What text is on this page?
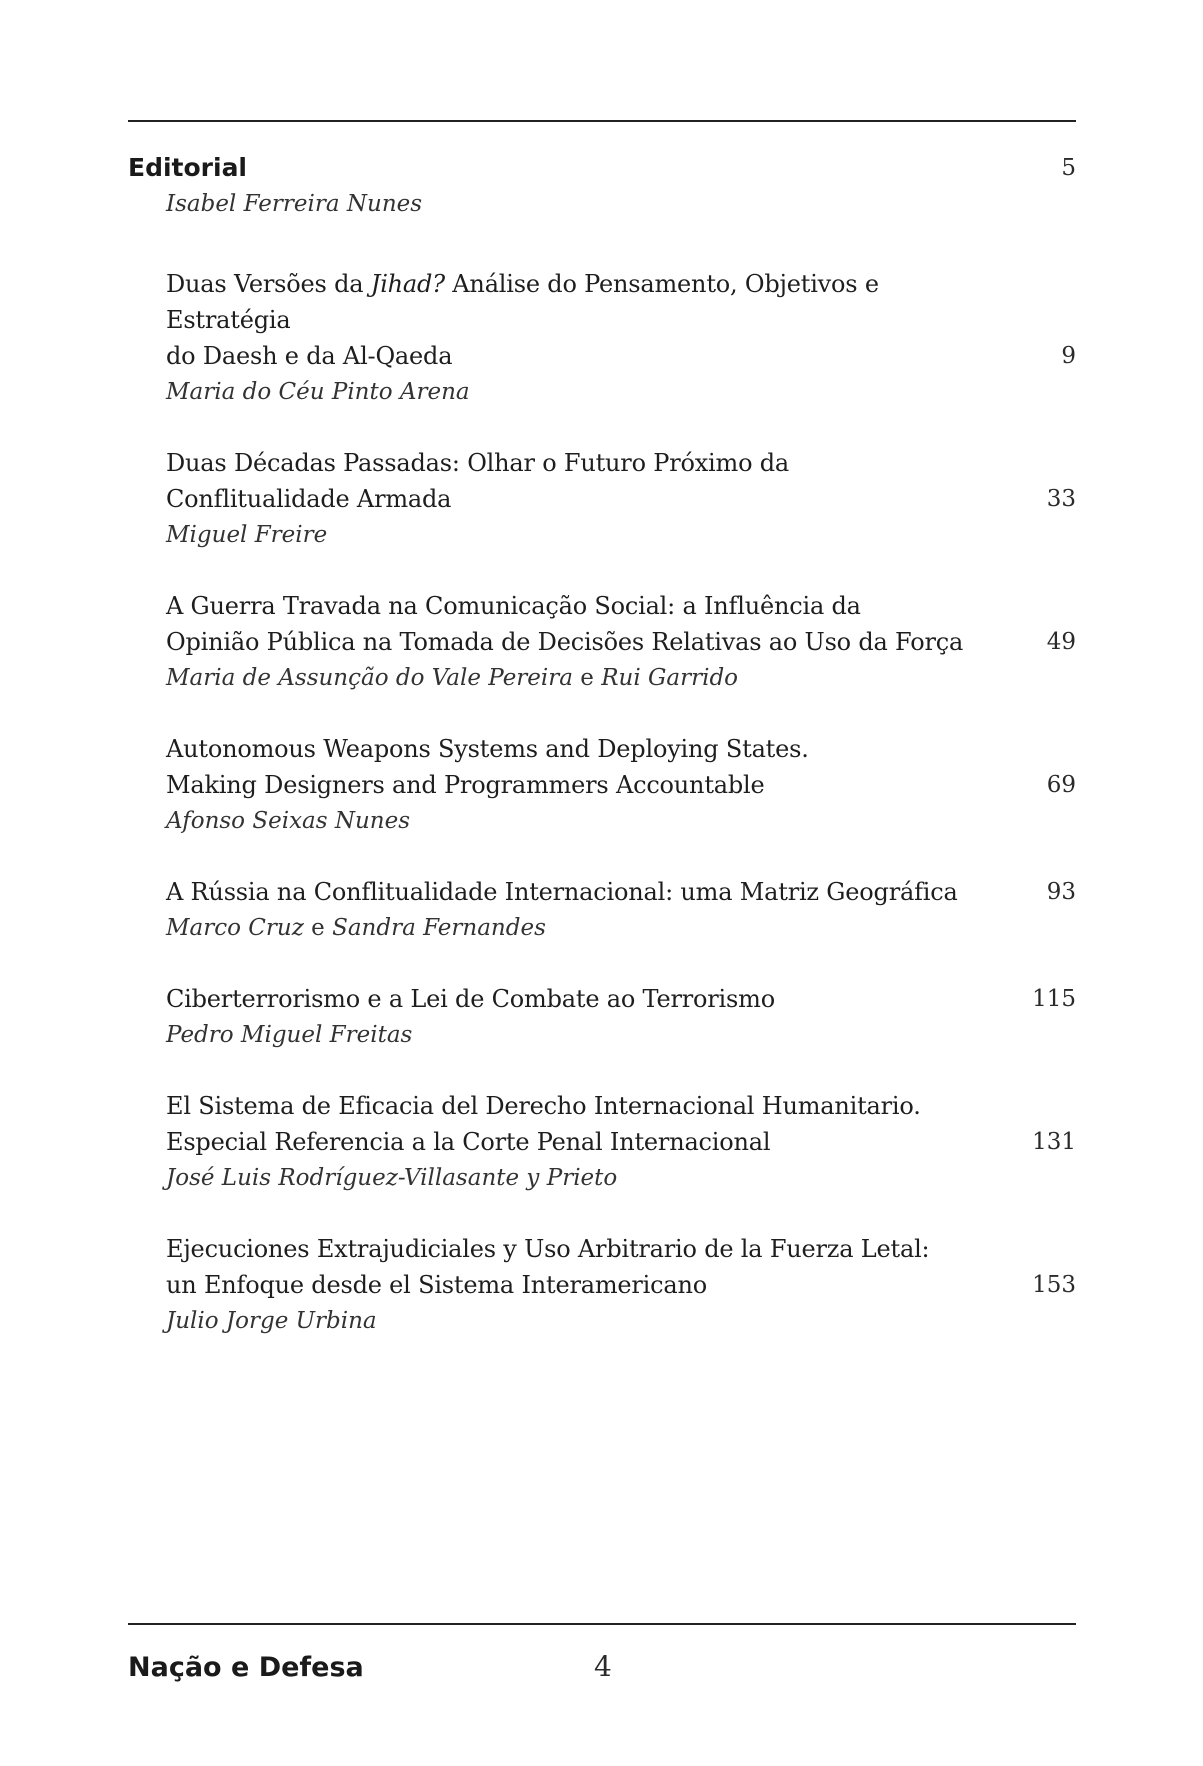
Editorial
Isabel Ferreira Nunes
5
Duas Versões da Jihad? Análise do Pensamento, Objetivos e Estratégia
do Daesh e da Al-Qaeda
Maria do Céu Pinto Arena
9
Duas Décadas Passadas: Olhar o Futuro Próximo da
Conflitualidade Armada
Miguel Freire
33
A Guerra Travada na Comunicação Social: a Influência da
Opinião Pública na Tomada de Decisões Relativas ao Uso da Força
Maria de Assunção do Vale Pereira e Rui Garrido
49
Autonomous Weapons Systems and Deploying States.
Making Designers and Programmers Accountable
Afonso Seixas Nunes
69
A Rússia na Conflitualidade Internacional: uma Matriz Geográfica
Marco Cruz e Sandra Fernandes
93
Ciberterrorismo e a Lei de Combate ao Terrorismo
Pedro Miguel Freitas
115
El Sistema de Eficacia del Derecho Internacional Humanitario.
Especial Referencia a la Corte Penal Internacional
José Luis Rodríguez-Villasante y Prieto
131
Ejecuciones Extrajudiciales y Uso Arbitrario de la Fuerza Letal:
un Enfoque desde el Sistema Interamericano
Julio Jorge Urbina
153
Nação e Defesa	4
